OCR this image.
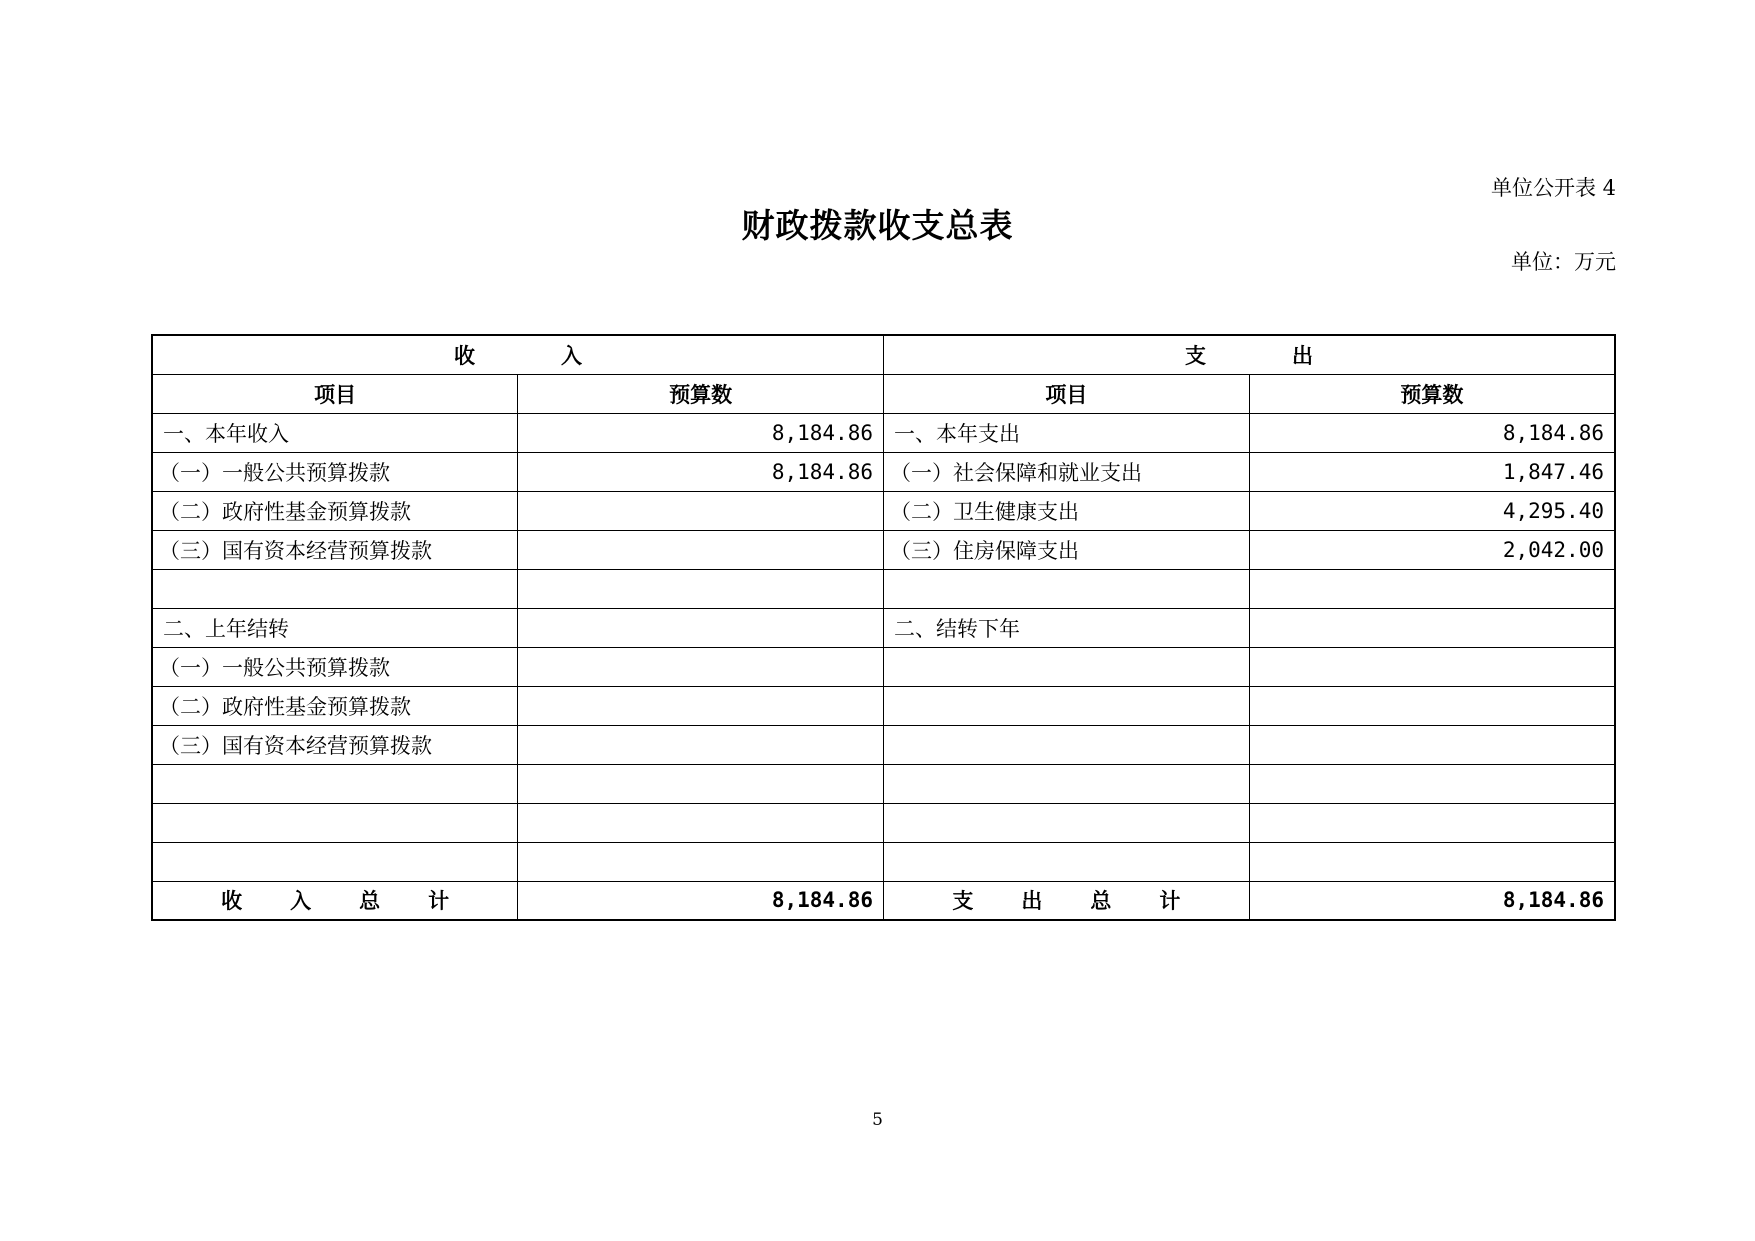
单位公开表 4
财政拨款收支总表
单位：万元
收入		支出	
项目	预算数	项目	预算数
一、本年收入	8,184.86	一、本年支出	8,184.86
（一）一般公共预算拨款	8,184.86	（一）社会保障和就业支出	1,847.46
（二）政府性基金预算拨款		（二）卫生健康支出	4,295.40
（三）国有资本经营预算拨款		（三）住房保障支出	2,042.00

二、上年结转		二、结转下年	
（一）一般公共预算拨款			
（二）政府性基金预算拨款			
（三）国有资本经营预算拨款			

收入总计	8,184.86	支出总计	8,184.86
5
